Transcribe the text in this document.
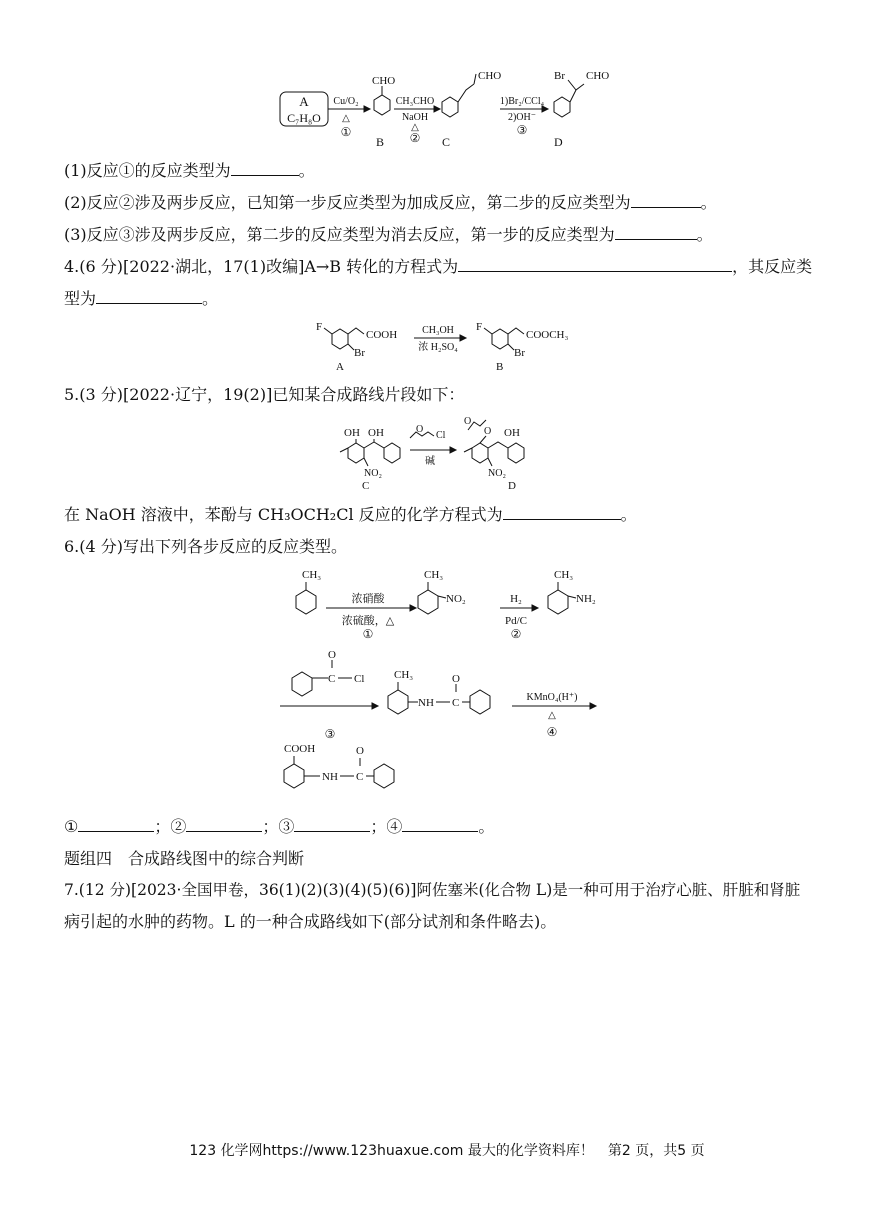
A
C₇H₈O
Cu/O₂
△
①
CHO
B
CH₃CHO
NaOH
△
②
CHO
C
1)Br₂/CCl₄
2)OH⁻
③
Br CHO
D
(1)反应①的反应类型为	。
(2)反应②涉及两步反应，已知第一步反应类型为加成反应，第二步的反应类型为	。
(3)反应③涉及两步反应，第二步的反应类型为消去反应，第一步的反应类型为	。
4.(6 分)[2022·湖北，17(1)改编]A→B 转化的方程式为	，其反应类
型为	。
F
COOH
Br
A
CH₃OH
浓 H₂SO₄
F
COOCH₃
Br
B
5.(3 分)[2022·辽宁，19(2)]已知某合成路线片段如下：
OH OH
NO₂
C
O
Cl
碱
O
O OH
NO₂
D
在 NaOH 溶液中，苯酚与 CH₃OCH₂Cl 反应的化学方程式为	。
6.(4 分)写出下列各步反应的反应类型。
CH₃
浓硝酸
浓硫酸，△
①
CH₃
NO₂	H₂
Pd/C
②
CH₃
NH₂
C
O
Cl
③
CH₃
NH C
O
KMnO₄(H⁺)
△
④
COOH
NH C
O
①	；②	；③	；④	。
题组四　合成路线图中的综合判断
7.(12 分)[2023·全国甲卷，36(1)(2)(3)(4)(5)(6)]阿佐塞米(化合物 L)是一种可用于治疗心脏、肝脏和肾脏
病引起的水肿的药物。L 的一种合成路线如下(部分试剂和条件略去)。
123 化学网https://www.123huaxue.com 最大的化学资料库！　第2 页，共5 页
